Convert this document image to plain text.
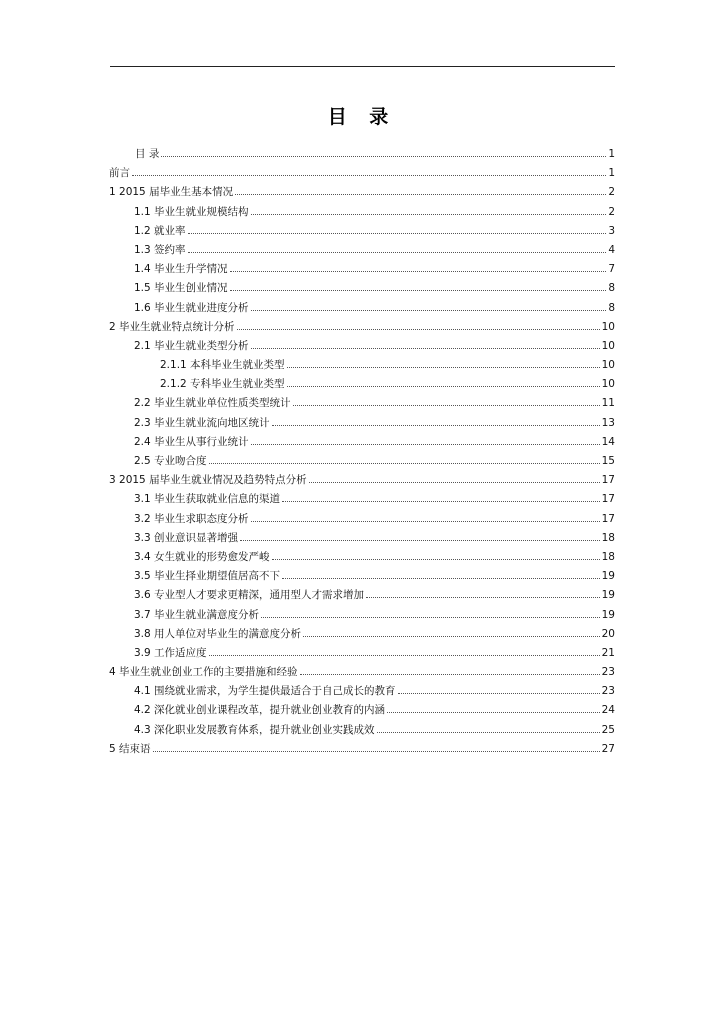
目 录
目 录	1
前言	1
1 2015 届毕业生基本情况	2
1.1 毕业生就业规模结构	2
1.2 就业率	3
1.3 签约率	4
1.4 毕业生升学情况	7
1.5 毕业生创业情况	8
1.6 毕业生就业进度分析	8
2 毕业生就业特点统计分析	10
2.1 毕业生就业类型分析	10
2.1.1 本科毕业生就业类型	10
2.1.2 专科毕业生就业类型	10
2.2 毕业生就业单位性质类型统计	11
2.3 毕业生就业流向地区统计	13
2.4 毕业生从事行业统计	14
2.5 专业吻合度	15
3 2015 届毕业生就业情况及趋势特点分析	17
3.1 毕业生获取就业信息的渠道	17
3.2 毕业生求职态度分析	17
3.3 创业意识显著增强	18
3.4 女生就业的形势愈发严峻	18
3.5 毕业生择业期望值居高不下	19
3.6 专业型人才要求更精深，通用型人才需求增加	19
3.7 毕业生就业满意度分析	19
3.8 用人单位对毕业生的满意度分析	20
3.9 工作适应度	21
4 毕业生就业创业工作的主要措施和经验	23
4.1 围绕就业需求，为学生提供最适合于自己成长的教育	23
4.2 深化就业创业课程改革，提升就业创业教育的内涵	24
4.3 深化职业发展教育体系，提升就业创业实践成效	25
5 结束语	27
